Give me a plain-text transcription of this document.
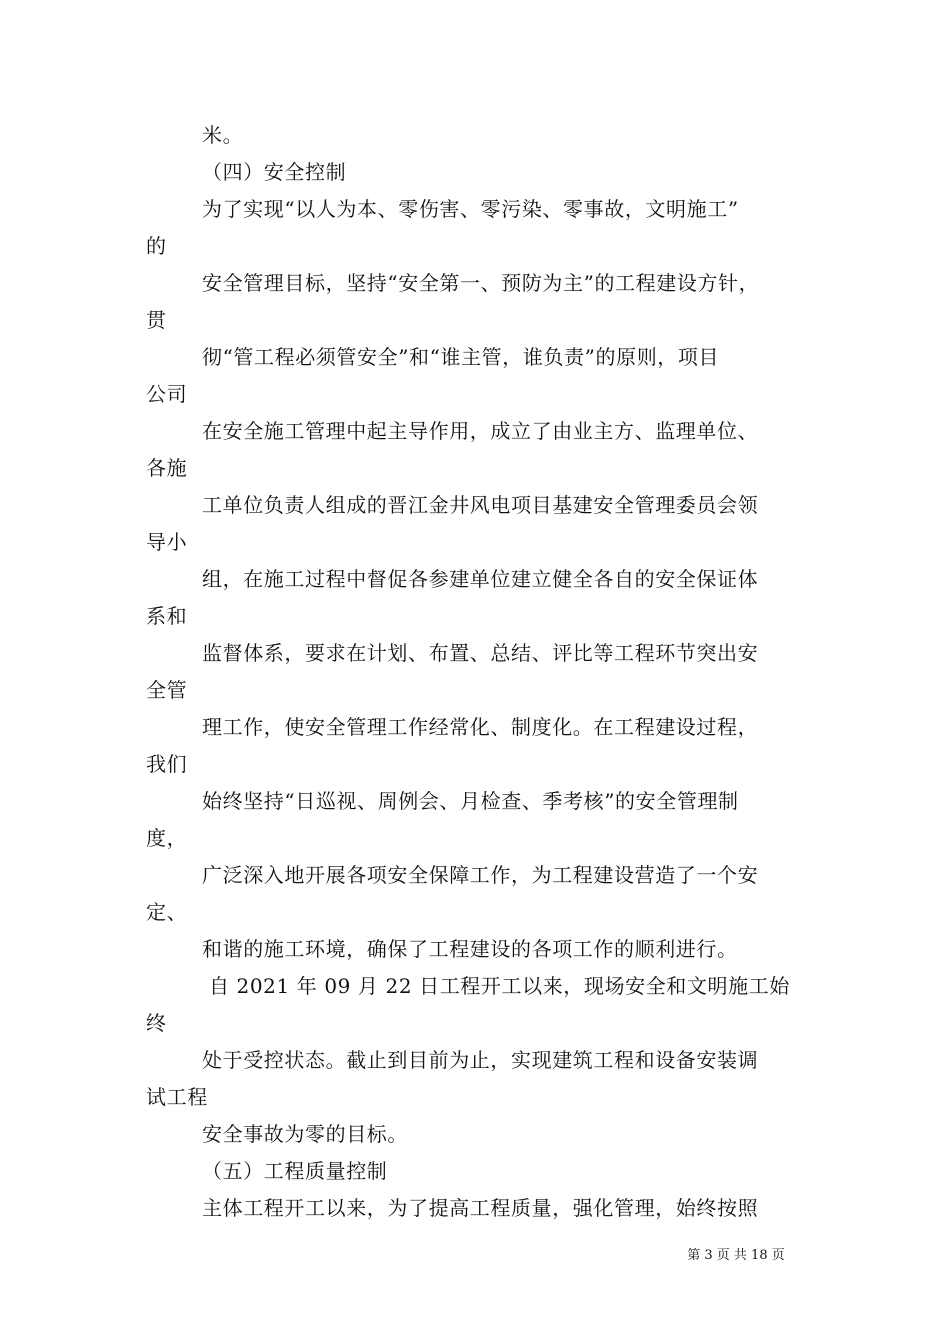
米。
（四）安全控制
为了实现“以人为本、零伤害、零污染、零事故，文明施工”
的
安全管理目标，坚持“安全第一、预防为主”的工程建设方针，
贯
彻“管工程必须管安全”和“谁主管，谁负责”的原则，项目
公司
在安全施工管理中起主导作用，成立了由业主方、监理单位、
各施
工单位负责人组成的晋江金井风电项目基建安全管理委员会领
导小
组，在施工过程中督促各参建单位建立健全各自的安全保证体
系和
监督体系，要求在计划、布置、总结、评比等工程环节突出安
全管
理工作，使安全管理工作经常化、制度化。在工程建设过程，
我们
始终坚持“日巡视、周例会、月检查、季考核”的安全管理制
度，
广泛深入地开展各项安全保障工作，为工程建设营造了一个安
定、
和谐的施工环境，确保了工程建设的各项工作的顺利进行。
自 2021 年 09 月 22 日工程开工以来，现场安全和文明施工始
终
处于受控状态。截止到目前为止，实现建筑工程和设备安装调
试工程
安全事故为零的目标。
（五）工程质量控制
主体工程开工以来，为了提高工程质量，强化管理，始终按照
第 3 页 共 18 页
